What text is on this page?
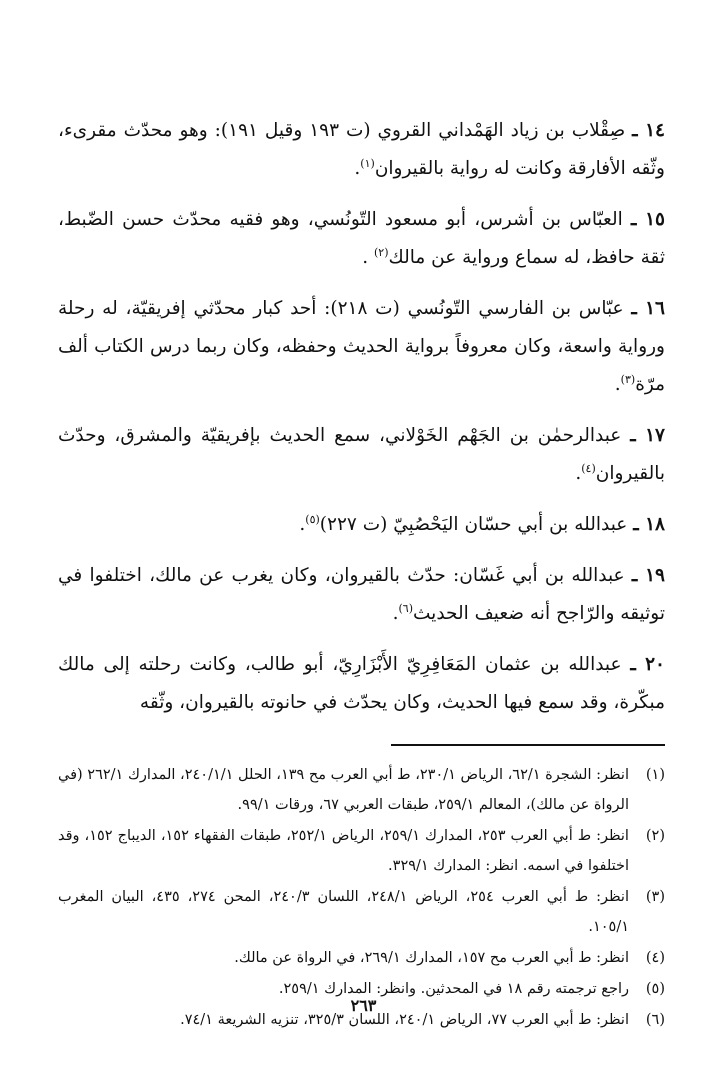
١٤ ـ صِقْلاب بن زياد الهَمْداني القروي (ت ١٩٣ وقيل ١٩١): وهو محدّث مقرىء، وثّقه الأفارقة وكانت له رواية بالقيروان$^{(١)}$.

١٥ ـ العبّاس بن أشرس، أبو مسعود التّونُسي، وهو فقيه محدّث حسن الضّبط، ثقة حافظ، له سماع ورواية عن مالك$^{(٢)}$ .

١٦ ـ عبّاس بن الفارسي التّونُسي (ت ٢١٨): أحد كبار محدّثي إفريقيّة، له رحلة ورواية واسعة، وكان معروفاً برواية الحديث وحفظه، وكان ربما درس الكتاب ألف مرّة$^{(٣)}$.

١٧ ـ عبدالرحمٰن بن الجَهْم الخَوْلاني، سمع الحديث بإفريقيّة والمشرق، وحدّث بالقيروان$^{(٤)}$.

١٨ ـ عبدالله بن أبي حسّان اليَحْصُبِيّ (ت ٢٢٧)$^{(٥)}$.

١٩ ـ عبدالله بن أبي غَسّان: حدّث بالقيروان، وكان يغرب عن مالك، اختلفوا في توثيقه والرّاجح أنه ضعيف الحديث$^{(٦)}$.

٢٠ ـ عبدالله بن عثمان المَعَافِرِيّ الأَبْزَارِيّ، أبو طالب، وكانت رحلته إلى مالك مبكّرة، وقد سمع فيها الحديث، وكان يحدّث في حانوته بالقيروان، وثّقه

(١)
انظر: الشجرة ٦٢/١، الرياض ٢٣٠/١، ط أبي العرب مح ١٣٩، الحلل ٢٤٠/١/١، المدارك ٢٦٢/١ (في الرواة عن مالك)، المعالم ٢٥٩/١، طبقات العربي ٦٧، ورقات ٩٩/١.

(٢)
انظر: ط أبي العرب ٢٥٣، المدارك ٢٥٩/١، الرياض ٢٥٢/١، طبقات الفقهاء ١٥٢، الديباج ١٥٢، وقد اختلفوا في اسمه. انظر: المدارك ٣٢٩/١.

(٣)
انظر: ط أبي العرب ٢٥٤، الرياض ٢٤٨/١، اللسان ٢٤٠/٣، المحن ٢٧٤، ٤٣٥، البيان المغرب ١٠٥/١.

(٤)
انظر: ط أبي العرب مح ١٥٧، المدارك ٢٦٩/١، في الرواة عن مالك.

(٥)
راجع ترجمته رقم ١٨ في المحدثين. وانظر: المدارك ٢٥٩/١.

(٦)
انظر: ط أبي العرب ٧٧، الرياض ٢٤٠/١، اللسان ٣٢٥/٣، تنزيه الشريعة ٧٤/١.

٢٦٣
